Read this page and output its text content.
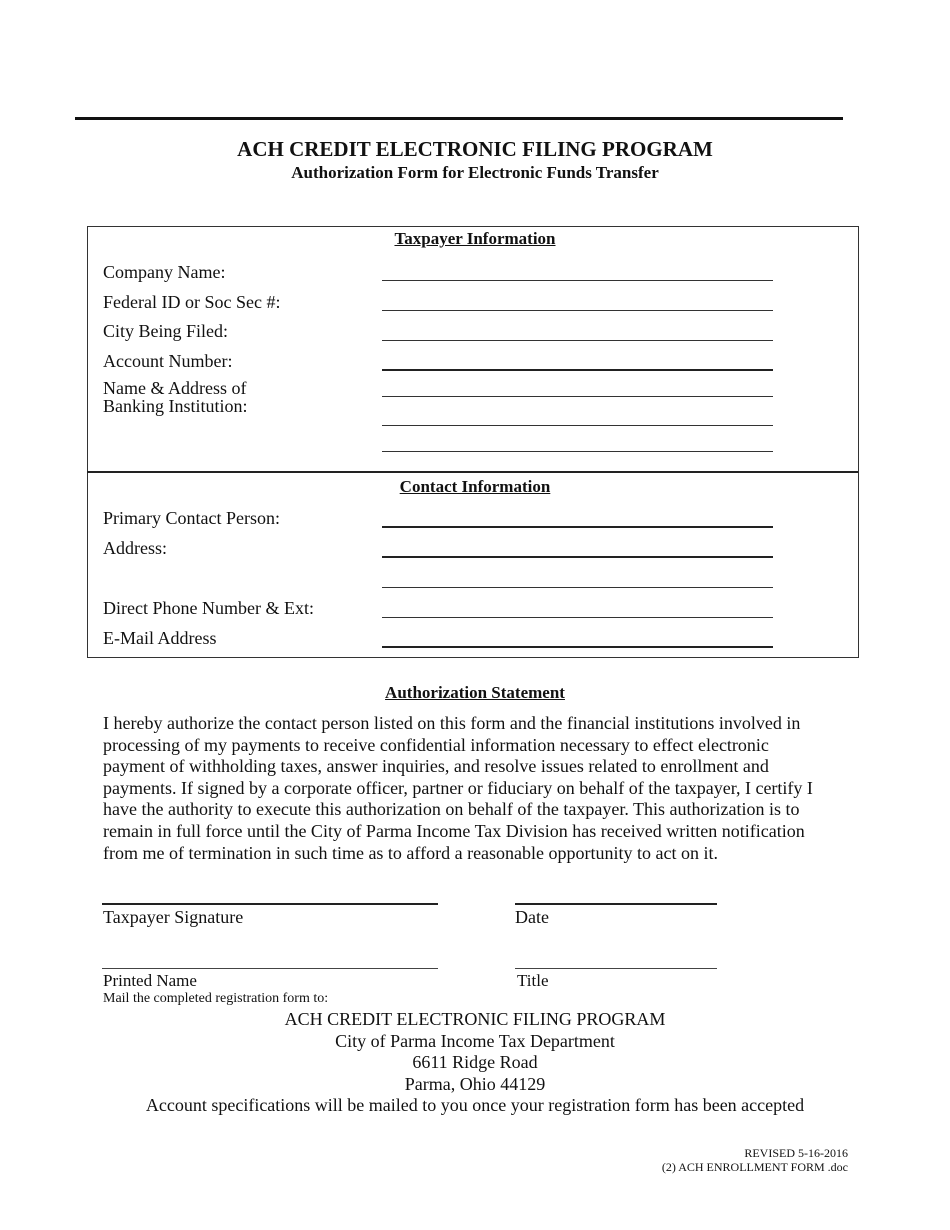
ACH CREDIT ELECTRONIC FILING PROGRAM
Authorization Form for Electronic Funds Transfer
Taxpayer Information
Company Name:
Federal ID or Soc Sec #:
City Being Filed:
Account Number:
Name & Address of
Banking Institution:
Contact Information
Primary Contact Person:
Address:
Direct Phone Number & Ext:
E-Mail Address
Authorization Statement
I hereby authorize the contact person listed on this form and the financial institutions involved in
processing of my payments to receive confidential information necessary to effect electronic
payment of withholding taxes, answer inquiries, and resolve issues related to enrollment and
payments. If signed by a corporate officer, partner or fiduciary on behalf of the taxpayer, I certify I
have the authority to execute this authorization on behalf of the taxpayer. This authorization is to
remain in full force until the City of Parma Income Tax Division has received written notification
from me of termination in such time as to afford a reasonable opportunity to act on it.
Taxpayer Signature	Date
Printed Name	Title
Mail the completed registration form to:
ACH CREDIT ELECTRONIC FILING PROGRAM
City of Parma Income Tax Department
6611 Ridge Road
Parma, Ohio 44129
Account specifications will be mailed to you once your registration form has been accepted
REVISED 5-16-2016
(2) ACH ENROLLMENT FORM .doc
